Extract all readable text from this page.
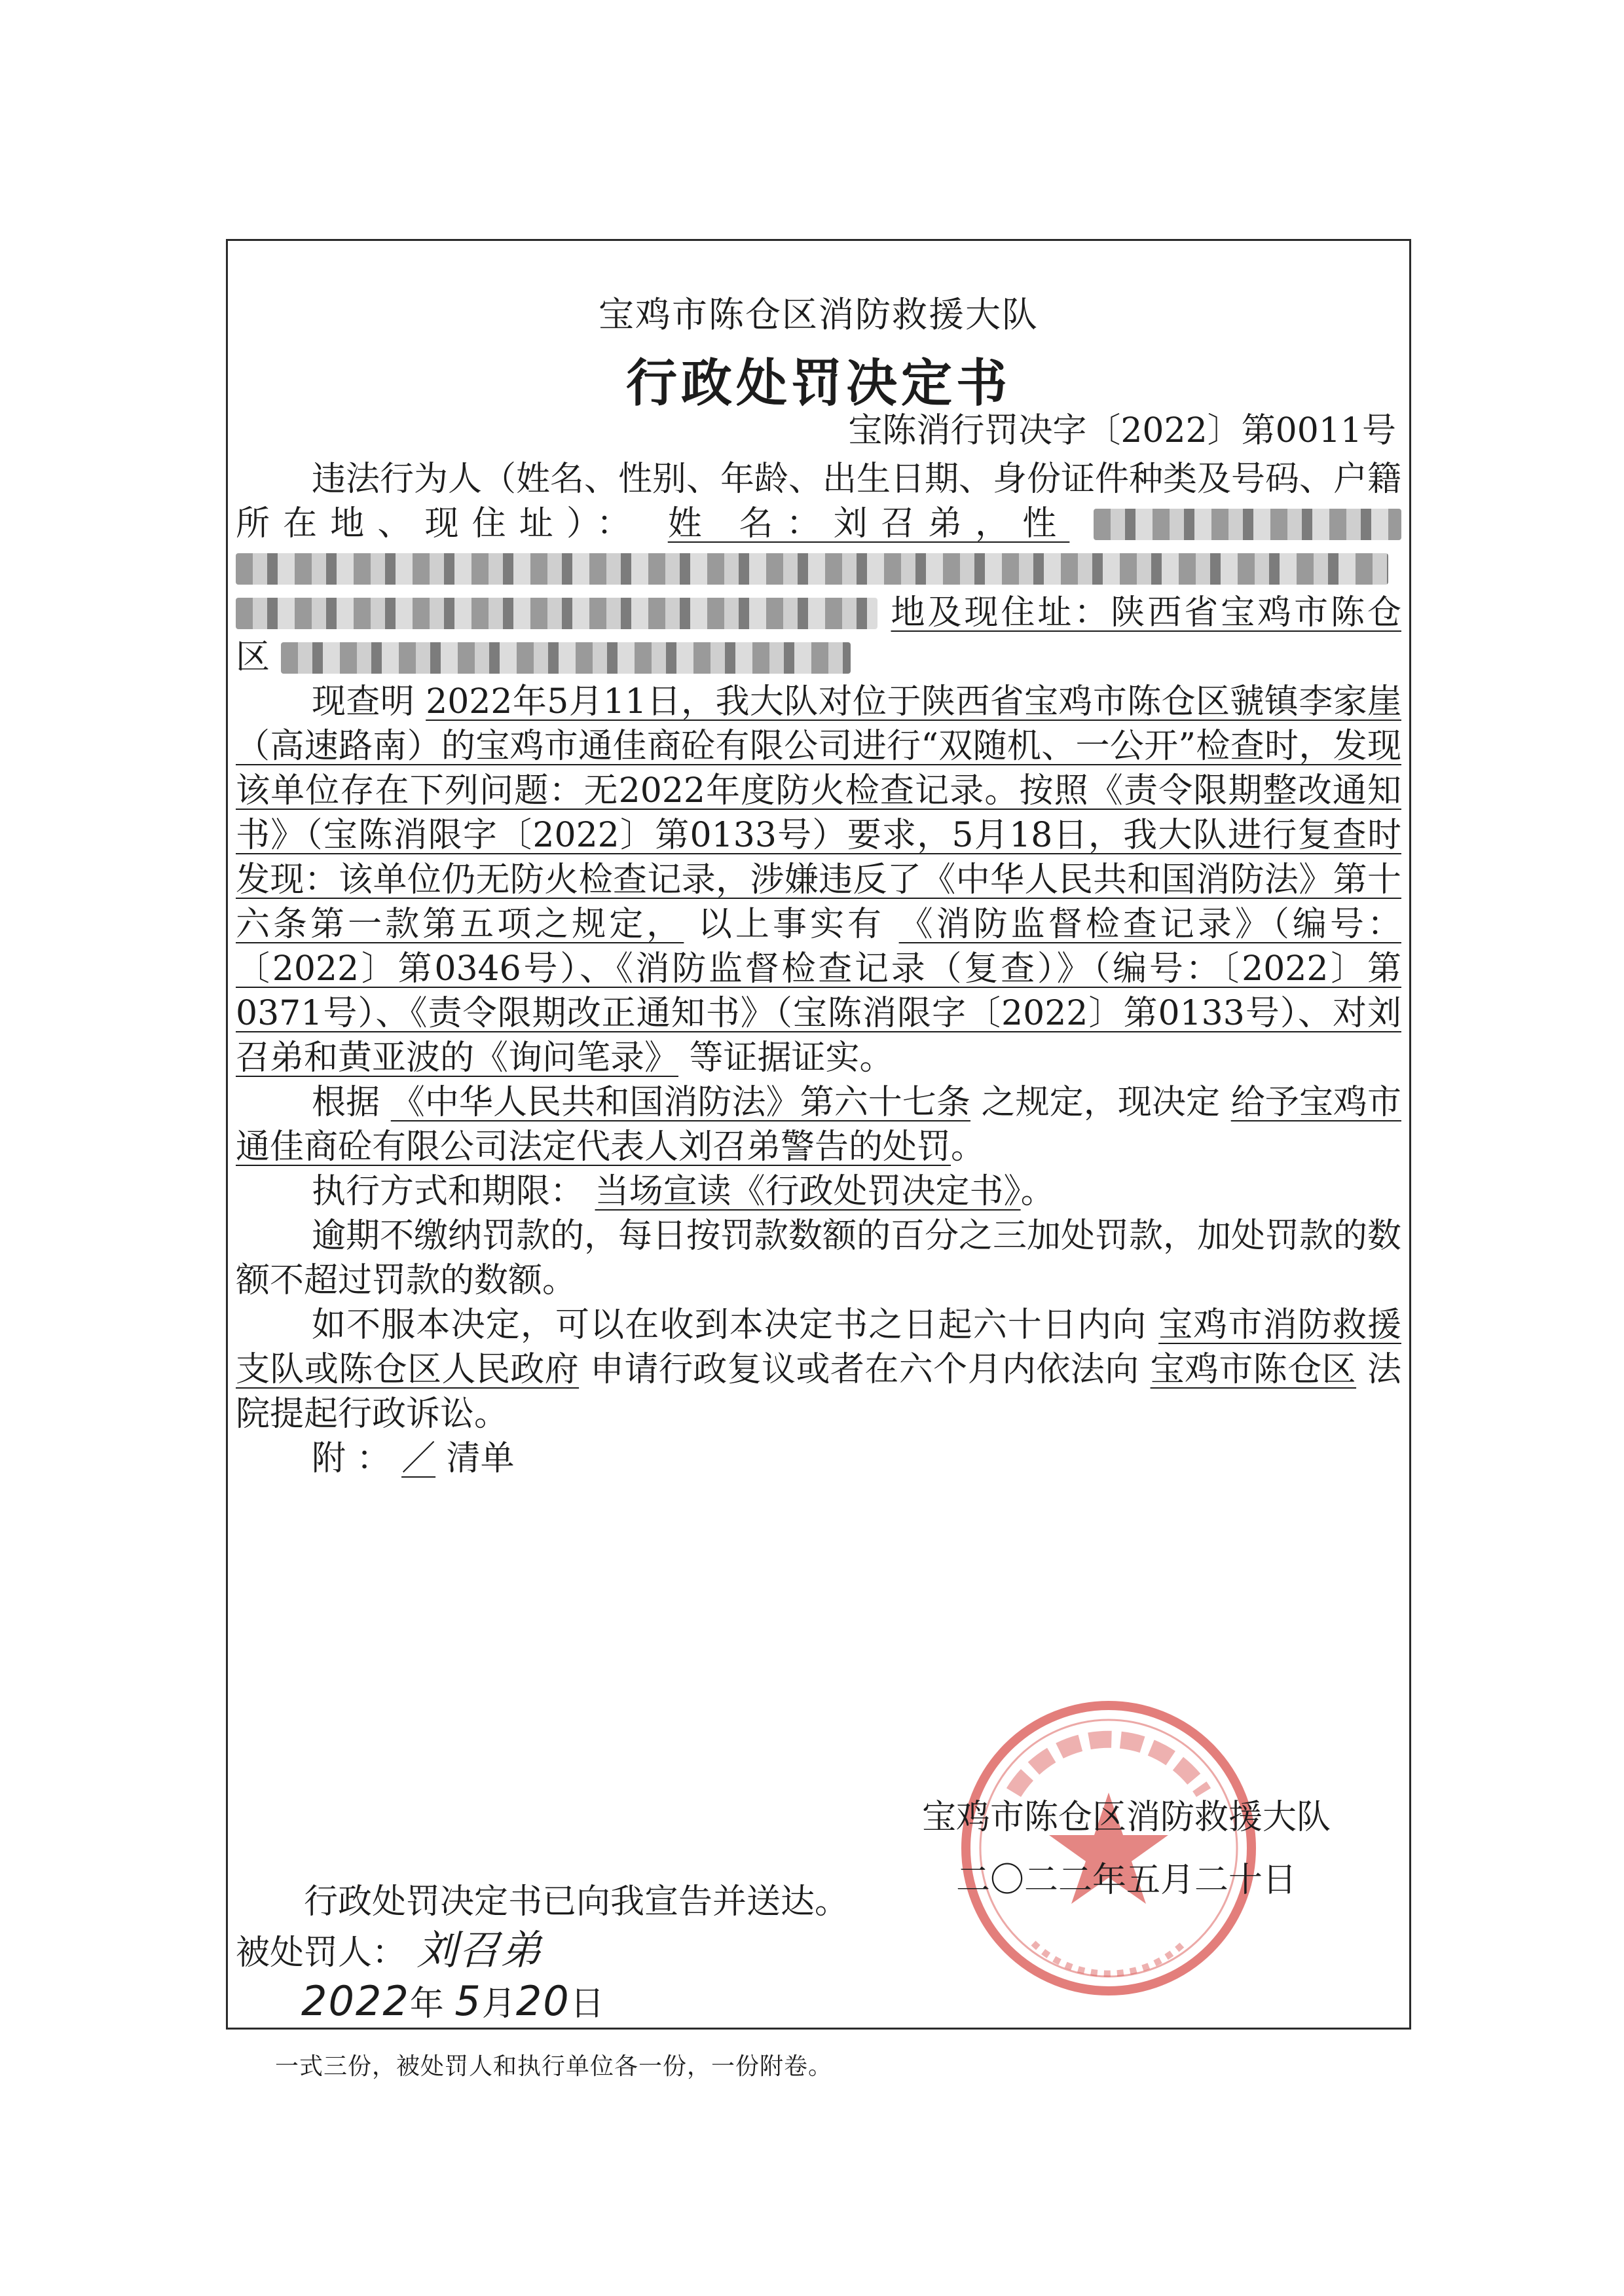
宝鸡市陈仓区消防救援大队
行政处罚决定书
宝陈消行罚决字〔2022〕第0011号

违法行为人（姓名、性别、年龄、出生日期、身份证件种类及号码、户籍所在地、现住址）： 姓 名：刘召弟，性    地及现住址：陕西省宝鸡市陈仓 区

现查明 2022年5月11日，我大队对位于陕西省宝鸡市陈仓区虢镇李家崖（高速路南）的宝鸡市通佳商砼有限公司进行“双随机、一公开”检查时，发现该单位存在下列问题：无2022年度防火检查记录。按照《责令限期整改通知书》（宝陈消限字〔2022〕第0133号）要求，5月18日，我大队进行复查时发现：该单位仍无防火检查记录，涉嫌违反了《中华人民共和国消防法》第十六条第一款第五项之规定， 以上事实有 《消防监督检查记录》（编号：〔2022〕第0346号）、《消防监督检查记录（复查）》（编号：〔2022〕第0371号）、《责令限期改正通知书》（宝陈消限字〔2022〕第0133号）、对刘召弟和黄亚波的《询问笔录》 等证据证实。

根据 《中华人民共和国消防法》第六十七条 之规定，现决定 给予宝鸡市通佳商砼有限公司法定代表人刘召弟警告的处罚。

执行方式和期限： 当场宣读《行政处罚决定书》。

逾期不缴纳罚款的，每日按罚款数额的百分之三加处罚款，加处罚款的数额不超过罚款的数额。

如不服本决定，可以在收到本决定书之日起六十日内向 宝鸡市消防救援支队或陈仓区人民政府 申请行政复议或者在六个月内依法向 宝鸡市陈仓区 法院提起行政诉讼。

附 ： ／ 清单

宝鸡市陈仓区消防救援大队
二〇二二年五月二十日
行政处罚决定书已向我宣告并送达。
被处罚人： 刘召弟
2022年 5月20日
一式三份，被处罚人和执行单位各一份，一份附卷。
